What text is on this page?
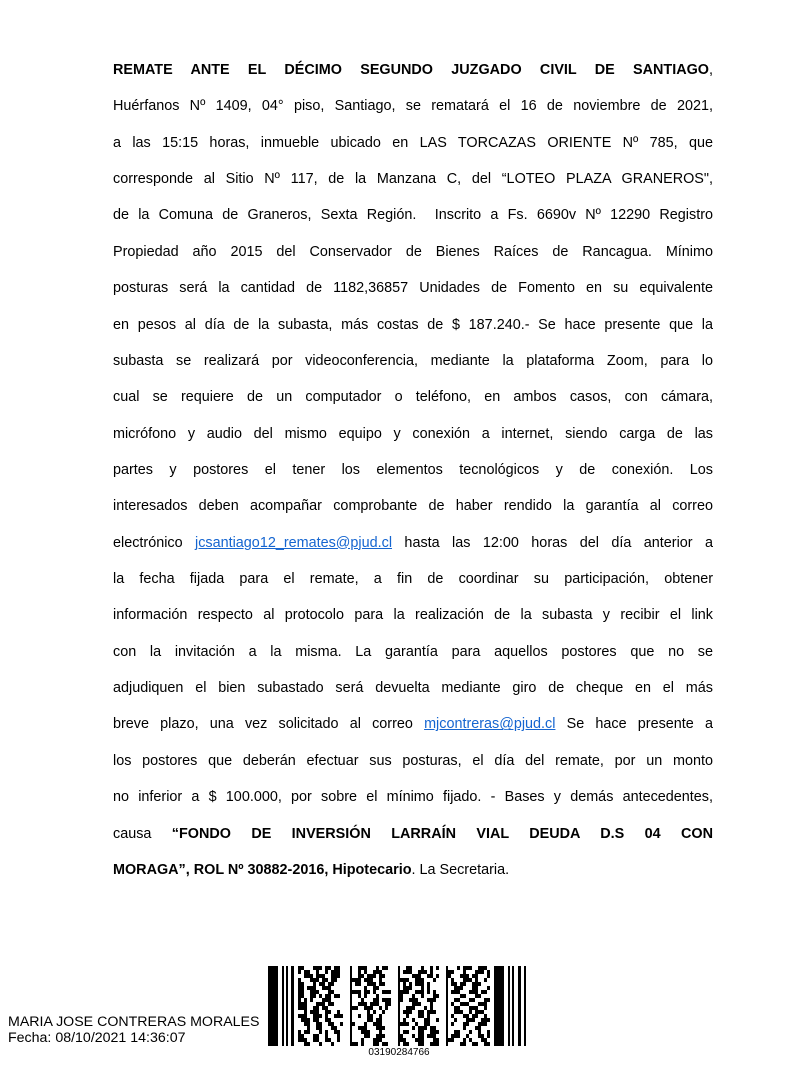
REMATE ANTE EL DÉCIMO SEGUNDO JUZGADO CIVIL DE SANTIAGO,
Huérfanos Nº 1409, 04° piso, Santiago, se rematará el 16 de noviembre de 2021,
a las 15:15 horas, inmueble ubicado en LAS TORCAZAS ORIENTE Nº 785, que
corresponde al Sitio Nº 117, de la Manzana C, del “LOTEO PLAZA GRANEROS",
de la Comuna de Graneros, Sexta Región.  Inscrito a Fs. 6690v Nº 12290 Registro
Propiedad año 2015 del Conservador de Bienes Raíces de Rancagua. Mínimo
posturas será la cantidad de 1182,36857 Unidades de Fomento en su equivalente
en pesos al día de la subasta, más costas de $ 187.240.- Se hace presente que la
subasta se realizará por videoconferencia, mediante la plataforma Zoom, para lo
cual se requiere de un computador o teléfono, en ambos casos, con cámara,
micrófono y audio del mismo equipo y conexión a internet, siendo carga de las
partes y postores el tener los elementos tecnológicos y de conexión. Los
interesados deben acompañar comprobante de haber rendido la garantía al correo
electrónico jcsantiago12_remates@pjud.cl hasta las 12:00 horas del día anterior a
la fecha fijada para el remate, a fin de coordinar su participación, obtener
información respecto al protocolo para la realización de la subasta y recibir el link
con la invitación a la misma. La garantía para aquellos postores que no se
adjudiquen el bien subastado será devuelta mediante giro de cheque en el más
breve plazo, una vez solicitado al correo mjcontreras@pjud.cl Se hace presente a
los postores que deberán efectuar sus posturas, el día del remate, por un monto
no inferior a $ 100.000, por sobre el mínimo fijado. - Bases y demás antecedentes,
causa “FONDO DE INVERSIÓN LARRAÍN VIAL DEUDA D.S 04 CON
MORAGA”, ROL Nº 30882-2016, Hipotecario. La Secretaria.
MARIA JOSE CONTRERAS MORALES
Fecha: 08/10/2021 14:36:07
03190284766
